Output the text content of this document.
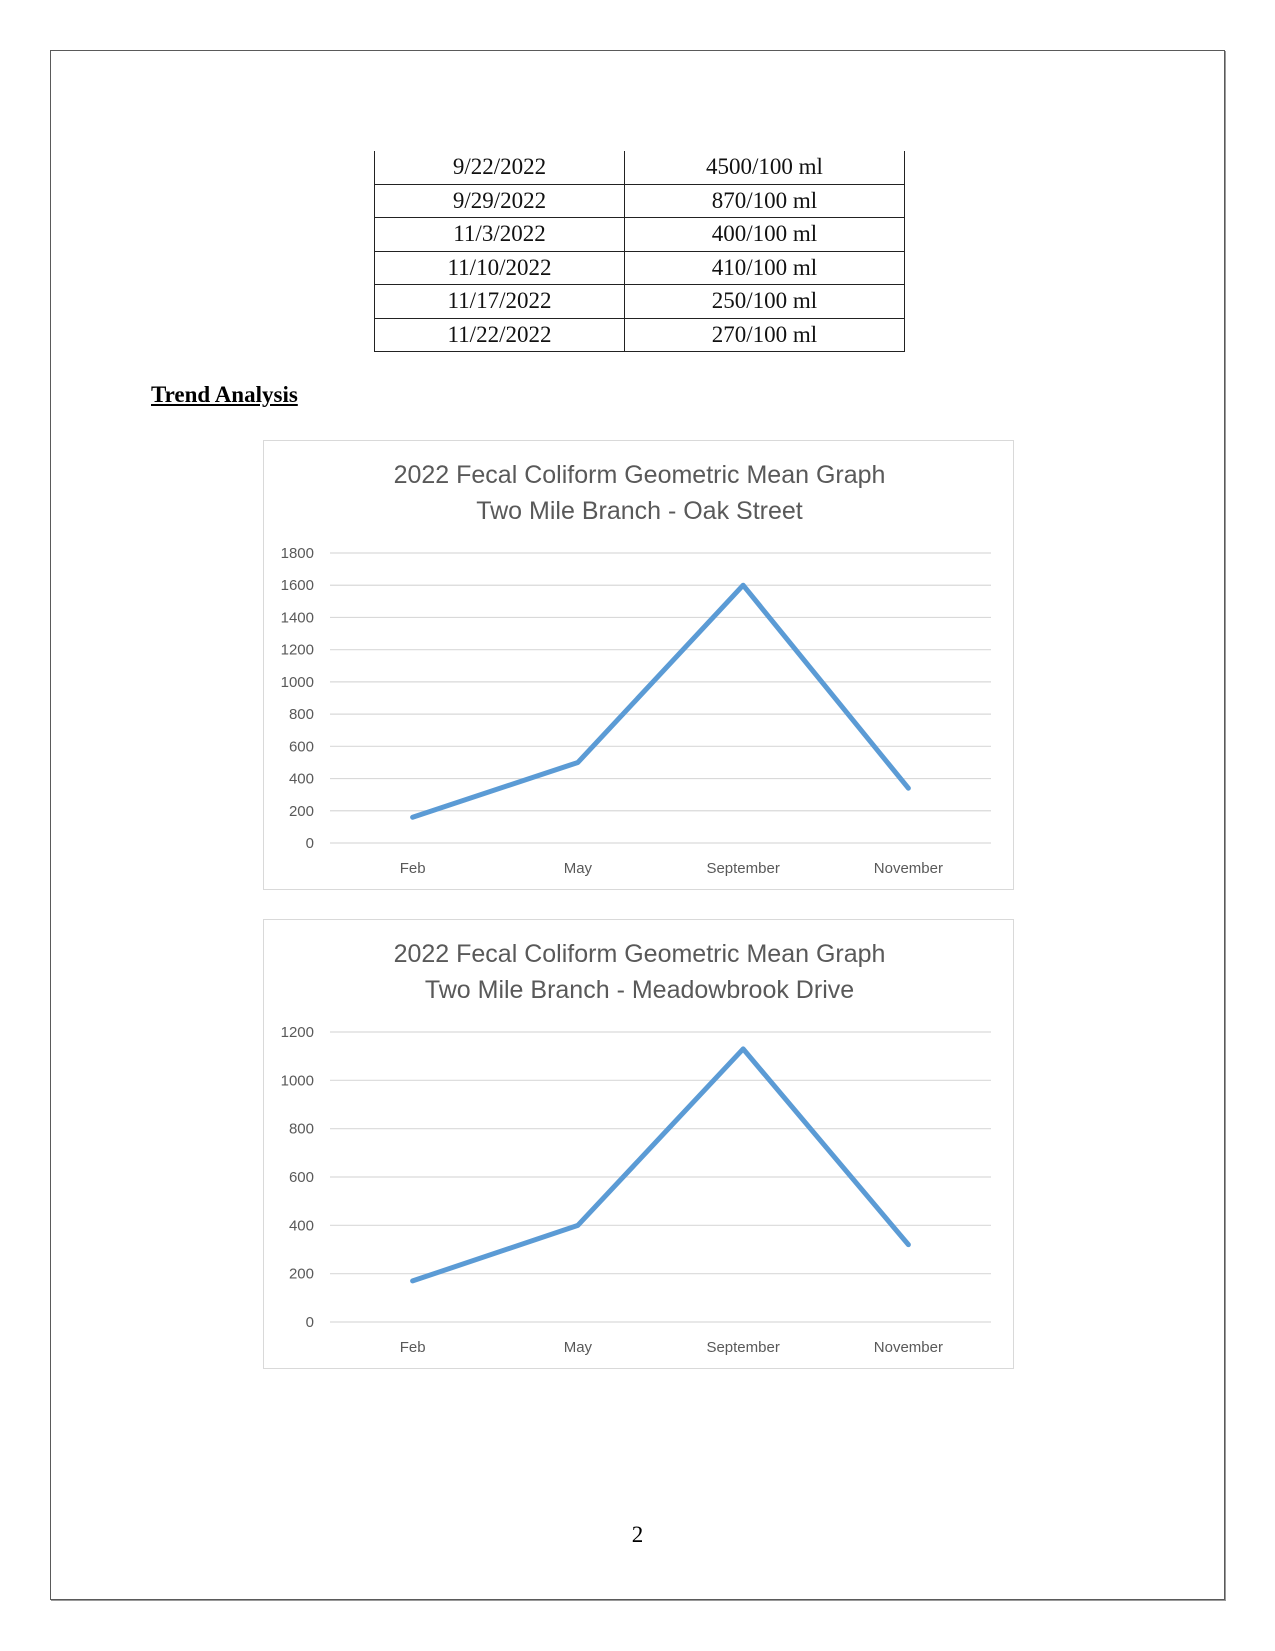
9/22/2022	4500/100 ml
9/29/2022	870/100 ml
11/3/2022	400/100 ml
11/10/2022	410/100 ml
11/17/2022	250/100 ml
11/22/2022	270/100 ml
Trend Analysis
2022 Fecal Coliform Geometric Mean Graph
Two Mile Branch - Oak Street
0
200
400
600
800
1000
1200
1400
1600
1800
Feb	May	September	November
2022 Fecal Coliform Geometric Mean Graph
Two Mile Branch - Meadowbrook Drive
0
200
400
600
800
1000
1200
Feb	May	September	November
2
